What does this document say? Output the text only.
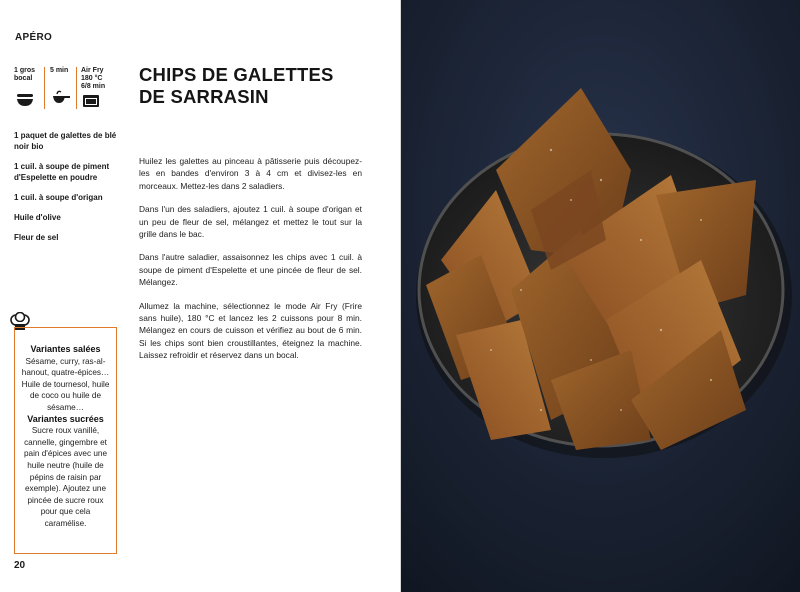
APÉRO
1 gros bocal
5 min	Air Fry
180 °C
6/8 min
1 paquet de galettes de blé noir bio
1 cuil. à soupe de piment d'Espelette en poudre
1 cuil. à soupe d'origan
Huile d'olive
Fleur de sel
CHIPS DE GALETTES
DE SARRASIN

Huilez les galettes au pinceau à pâtisserie puis découpez-les en bandes d'environ 3 à 4 cm et divisez-les en morceaux. Mettez-les dans 2 saladiers.

Dans l'un des saladiers, ajoutez 1 cuil. à soupe d'origan et un peu de fleur de sel, mélangez et mettez le tout sur la grille dans le bac.

Dans l'autre saladier, assaisonnez les chips avec 1 cuil. à soupe de piment d'Espelette et une pincée de fleur de sel. Mélangez.

Allumez la machine, sélectionnez le mode Air Fry (Frire sans huile), 180 °C et lancez les 2 cuissons pour 8 min. Mélangez en cours de cuisson et vérifiez au bout de 6 min. Si les chips sont bien croustillantes, éteignez la machine. Laissez refroidir et réservez dans un bocal.

Variantes salées
Sésame, curry, ras-al-hanout, quatre-épices… Huile de tournesol, huile de coco ou huile de sésame…
Variantes sucrées
Sucre roux vanillé, cannelle, gingembre et pain d'épices avec une huile neutre (huile de pépins de raisin par exemple). Ajoutez une pincée de sucre roux pour que cela caramélise.
20
